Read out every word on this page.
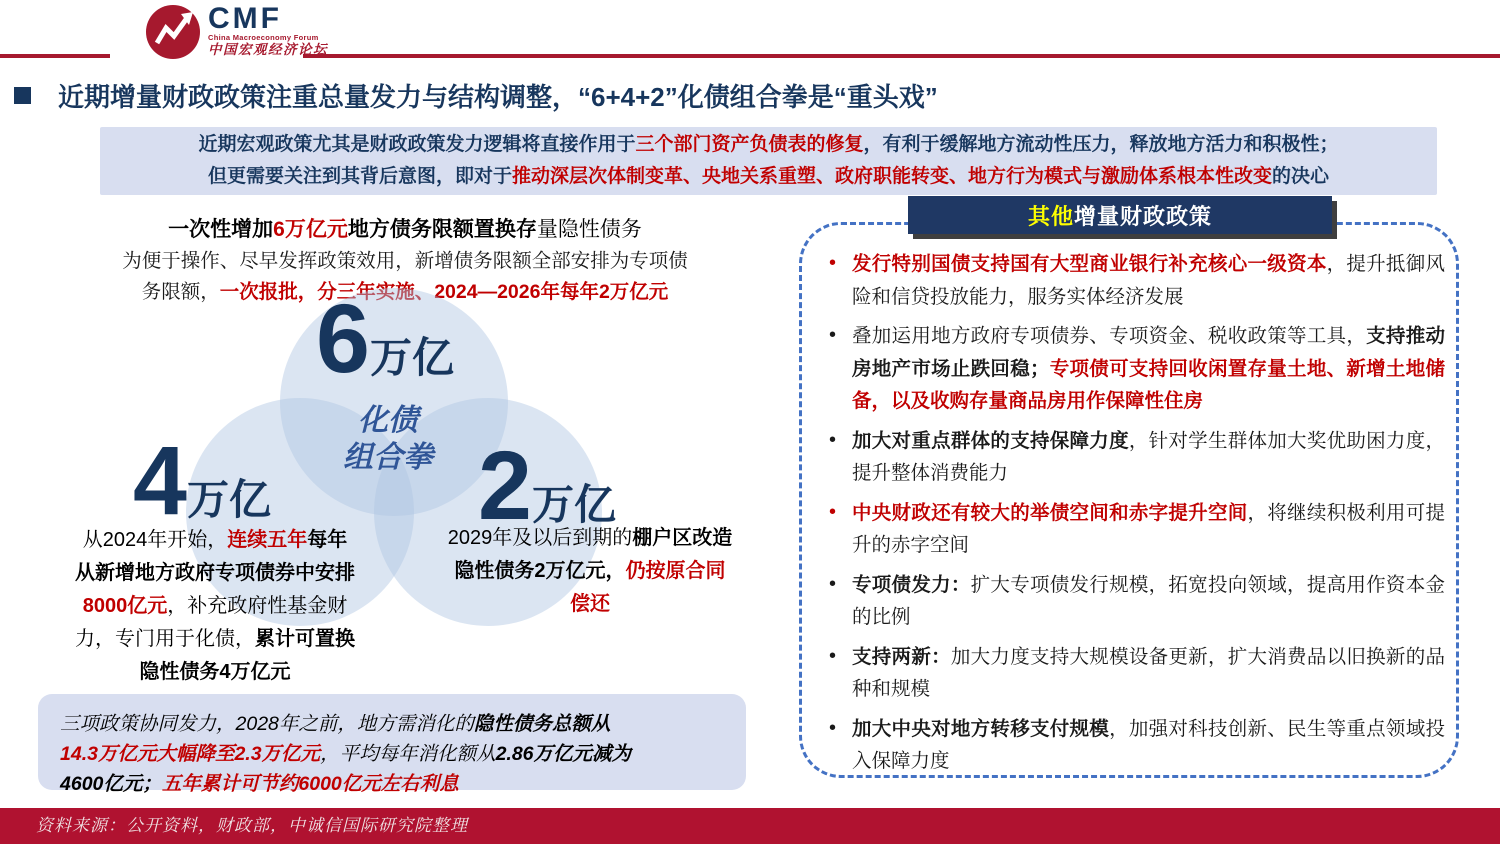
CMF
China Macroeconomy Forum
中国宏观经济论坛
近期增量财政政策注重总量发力与结构调整，“6+4+2”化债组合拳是“重头戏”
近期宏观政策尤其是财政政策发力逻辑将直接作用于三个部门资产负债表的修复，有利于缓解地方流动性压力，释放地方活力和积极性；
但更需要关注到其背后意图，即对于推动深层次体制变革、央地关系重塑、政府职能转变、地方行为模式与激励体系根本性改变的决心
一次性增加6万亿元地方债务限额置换存量隐性债务
为便于操作、尽早发挥政策效用，新增债务限额全部安排为专项债
务限额，一次报批，分三年实施、2024—2026年每年2万亿元
6万亿
4万亿	2万亿
化债
组合拳
从2024年开始，连续五年每年
从新增地方政府专项债券中安排
8000亿元，补充政府性基金财
力，专门用于化债，累计可置换
隐性债务4万亿元
2029年及以后到期的棚户区改造
隐性债务2万亿元，仍按原合同
偿还
三项政策协同发力，2028年之前，地方需消化的隐性债务总额从
14.3万亿元大幅降至2.3万亿元，平均每年消化额从2.86万亿元减为
4600亿元；五年累计可节约6000亿元左右利息
其他 增量财政政策
• 发行特别国债支持国有大型商业银行补充核心一级资本，提升抵御风险和信贷投放能力，服务实体经济发展
• 叠加运用地方政府专项债券、专项资金、税收政策等工具，支持推动房地产市场止跌回稳；专项债可支持回收闲置存量土地、新增土地储备，以及收购存量商品房用作保障性住房
• 加大对重点群体的支持保障力度，针对学生群体加大奖优助困力度，提升整体消费能力
• 中央财政还有较大的举债空间和赤字提升空间，将继续积极利用可提升的赤字空间
• 专项债发力：扩大专项债发行规模，拓宽投向领域，提高用作资本金的比例
• 支持两新：加大力度支持大规模设备更新，扩大消费品以旧换新的品种和规模
• 加大中央对地方转移支付规模，加强对科技创新、民生等重点领域投入保障力度
资料来源：公开资料，财政部，中诚信国际研究院整理
